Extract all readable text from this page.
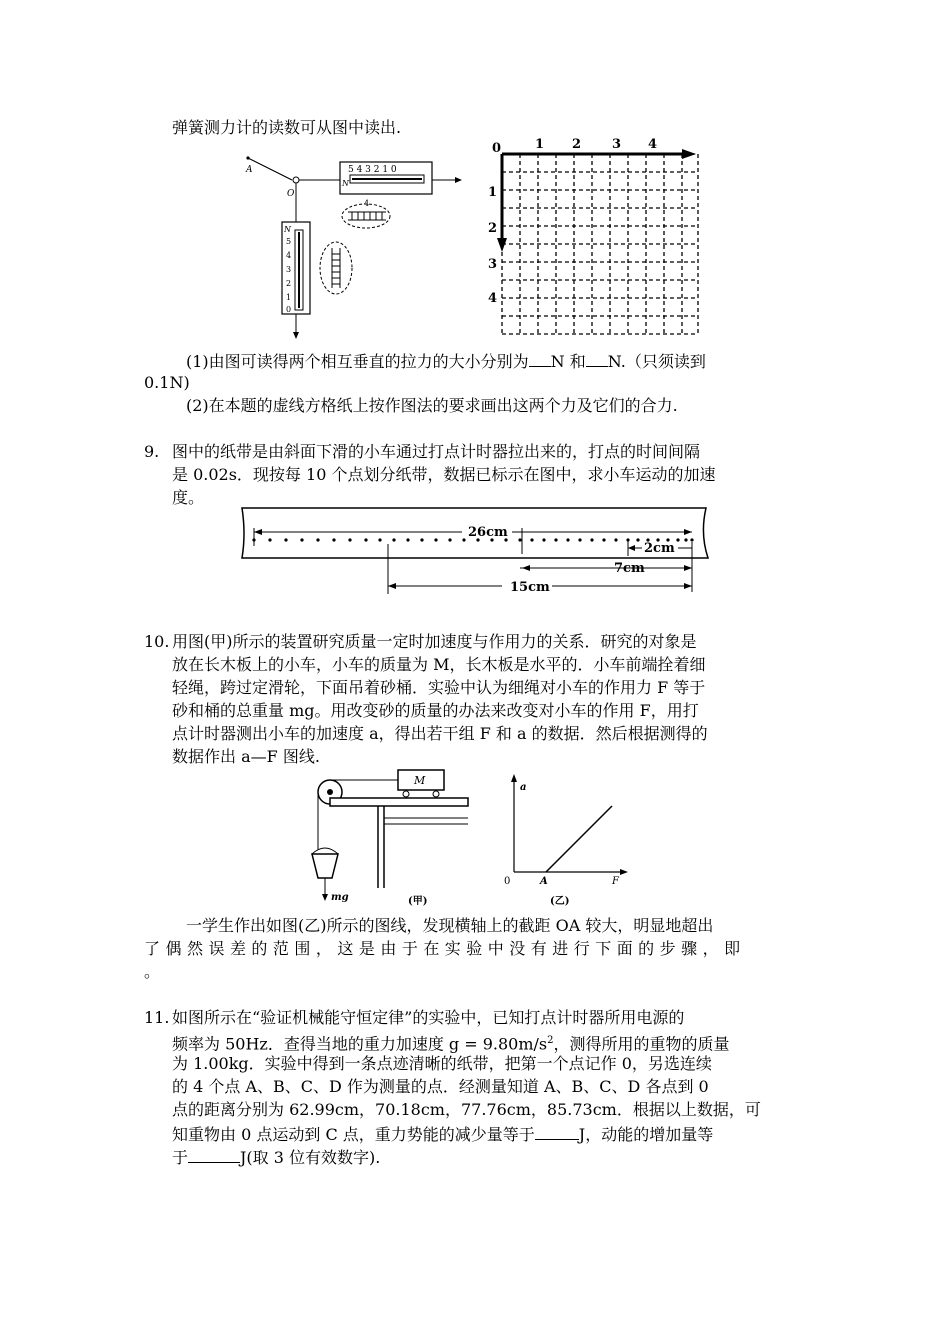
弹簧测力计的读数可从图中读出.
A
O
5 4 3 2 1 0
N
4
N
5
4
3
2
1
0
0	1 2 3 4
1
2
3
4
(1)由图可读得两个相互垂直的拉力的大小分别为 N 和 N.（只须读到
0.1N)
(2)在本题的虚线方格纸上按作图法的要求画出这两个力及它们的合力.
9. 图中的纸带是由斜面下滑的小车通过打点计时器拉出来的，打点的时间间隔
是 0.02s．现按每 10 个点划分纸带，数据已标示在图中，求小车运动的加速
度。
26cm
2cm
7cm
15cm
10. 用图(甲)所示的装置研究质量一定时加速度与作用力的关系．研究的对象是
放在长木板上的小车，小车的质量为 M，长木板是水平的．小车前端拴着细
轻绳，跨过定滑轮，下面吊着砂桶．实验中认为细绳对小车的作用力 F 等于
砂和桶的总重量 mg。用改变砂的质量的办法来改变对小车的作用 F，用打
点计时器测出小车的加速度 a，得出若干组 F 和 a 的数据．然后根据测得的
数据作出 a—F 图线.
M
mg	(甲)
a
F
0	A
(乙)
一学生作出如图(乙)所示的图线，发现横轴上的截距 OA 较大，明显地超出
了 偶 然 误 差 的 范 围 ， 这 是 由 于 在 实 验 中 没 有 进 行 下 面 的 步 骤 ， 即
。
11. 如图所示在“验证机械能守恒定律”的实验中，已知打点计时器所用电源的
频率为 50Hz．查得当地的重力加速度 $g = 9.80m/s^2$，测得所用的重物的质量
为 1.00kg．实验中得到一条点迹清晰的纸带，把第一个点记作 0，另选连续
的 4 个点 A、B、C、D 作为测量的点．经测量知道 A、B、C、D 各点到 0
点的距离分别为 62.99cm，70.18cm，77.76cm，85.73cm．根据以上数据，可
知重物由 0 点运动到 C 点，重力势能的减少量等于	J，动能的增加量等
于	J(取 3 位有效数字).
